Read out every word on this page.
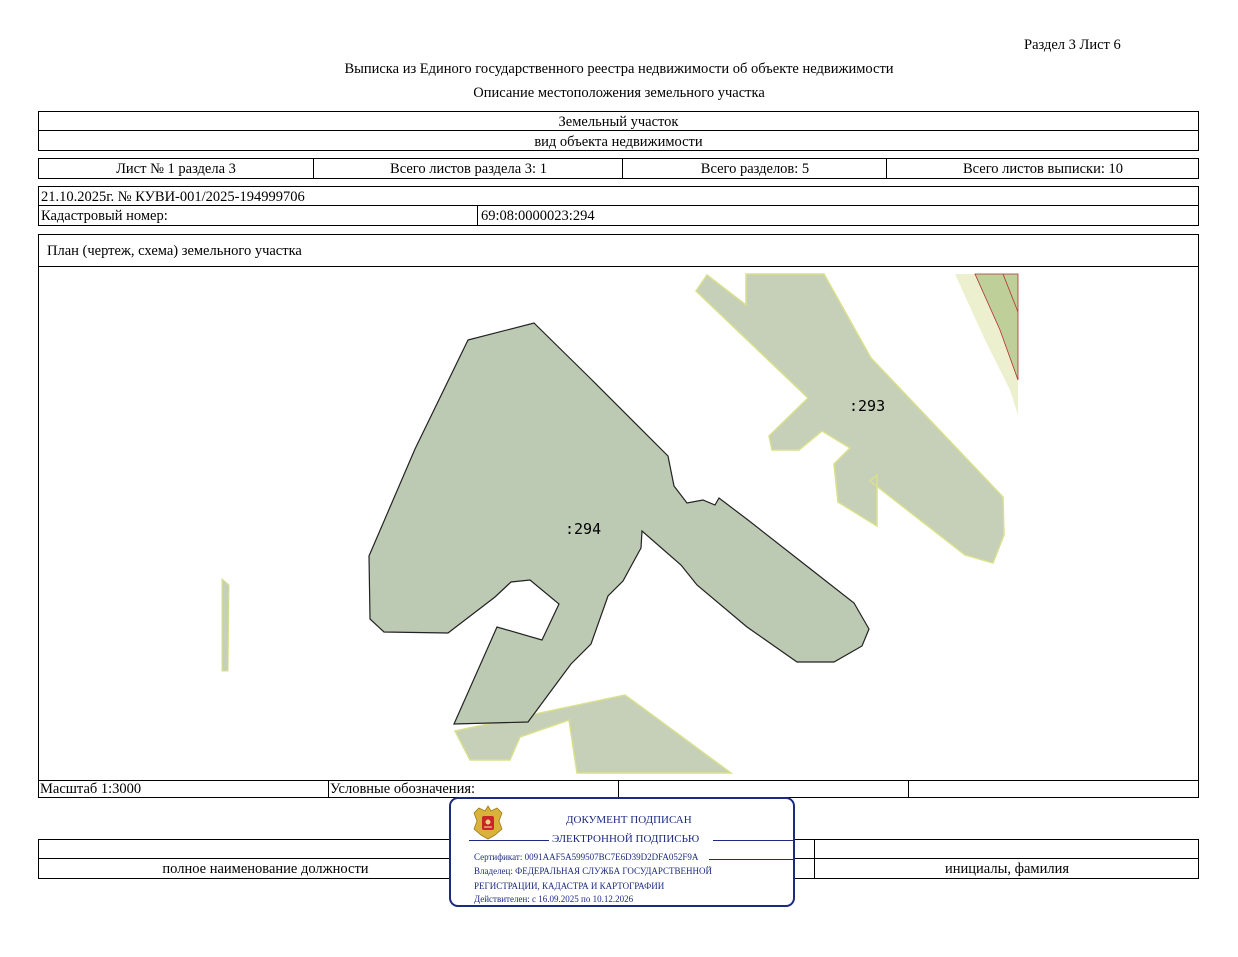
Раздел 3 Лист 6
Выписка из Единого государственного реестра недвижимости об объекте недвижимости
Описание местоположения земельного участка
Земельный участок
вид объекта недвижимости
Лист № 1 раздела 3	Всего листов раздела 3: 1	Всего разделов: 5	Всего листов выписки: 10
21.10.2025г. № КУВИ-001/2025-194999706
Кадастровый номер:	69:08:0000023:294
План (чертеж, схема) земельного участка
:294
:293
Масштаб 1:3000	Условные обозначения:
полное наименование должности	инициалы, фамилия
ДОКУМЕНТ ПОДПИСАН
ЭЛЕКТРОННОЙ ПОДПИСЬЮ
Сертификат: 0091AAF5A599507BC7E6D39D2DFA052F9A
Владелец: ФЕДЕРАЛЬНАЯ СЛУЖБА ГОСУДАРСТВЕННОЙ
РЕГИСТРАЦИИ, КАДАСТРА И КАРТОГРАФИИ
Действителен: с 16.09.2025 по 10.12.2026
